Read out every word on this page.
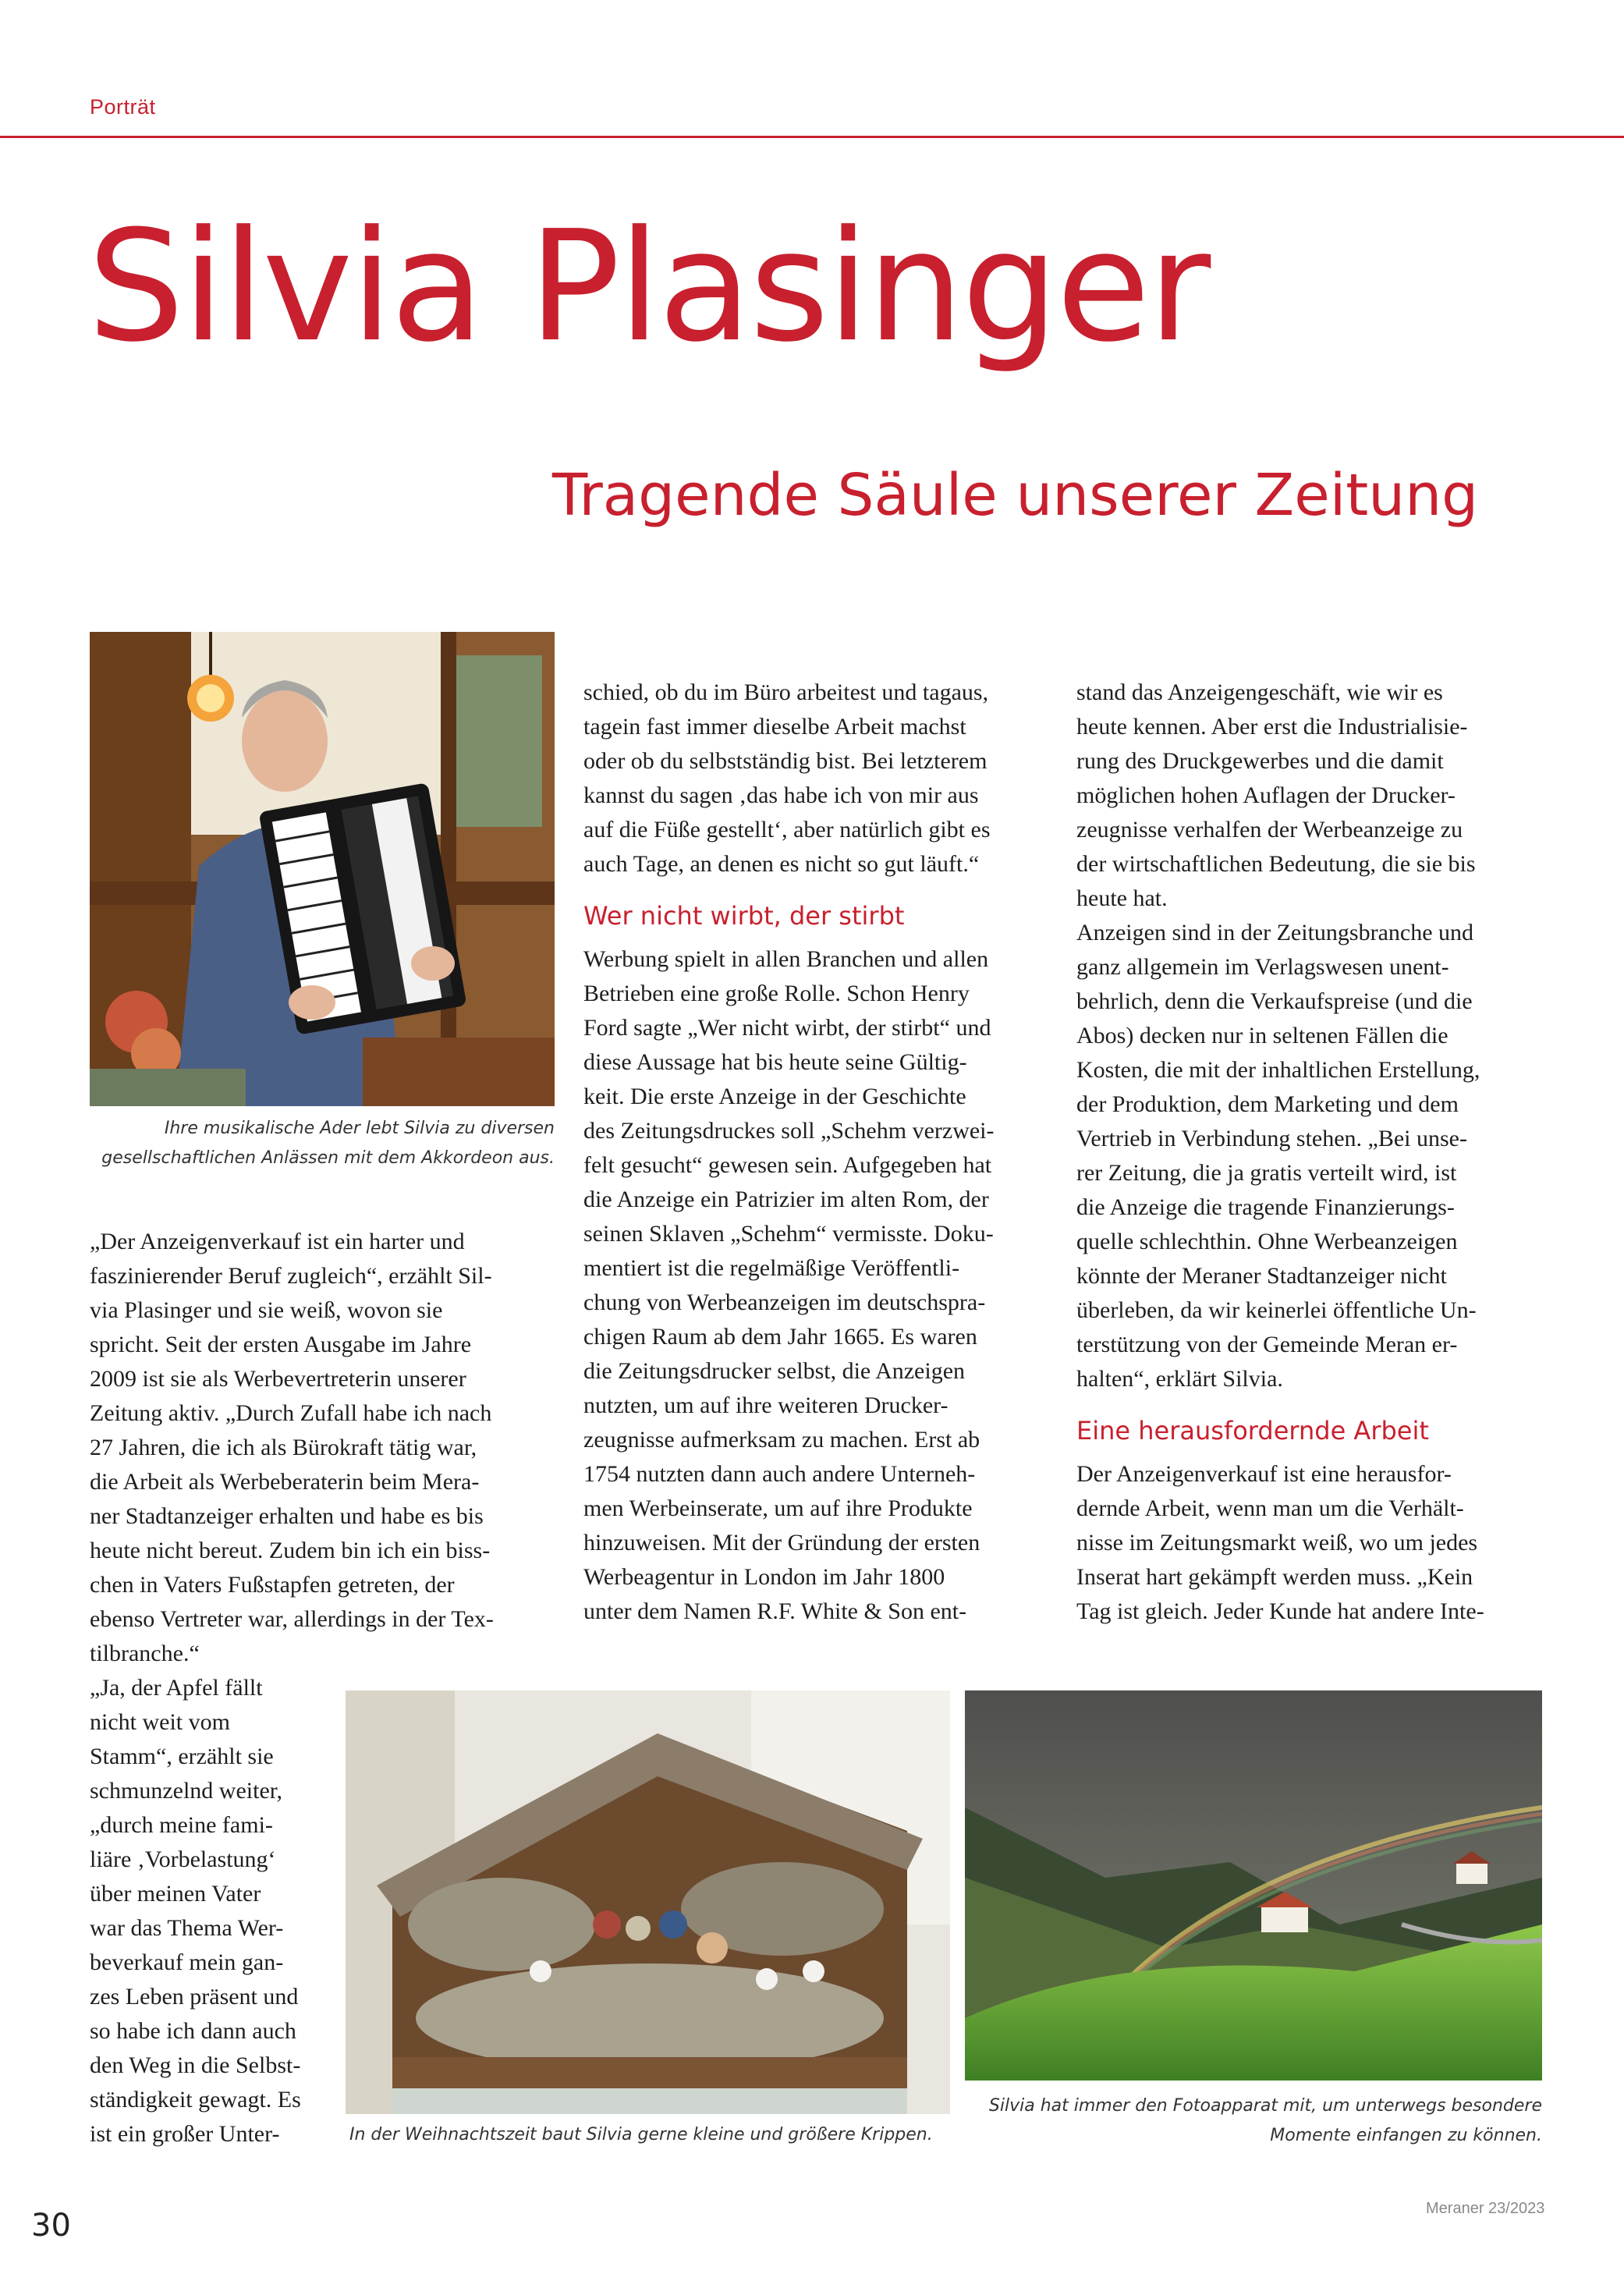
Porträt
Silvia Plasinger
Tragende Säule unserer Zeitung
Ihre musikalische Ader lebt Silvia zu diversen gesellschaftlichen Anlässen mit dem Akkordeon aus.

„Der Anzeigenverkauf ist ein harter und

faszinierender Beruf zugleich“, erzählt Sil-

via Plasinger und sie weiß, wovon sie

spricht. Seit der ersten Ausgabe im Jahre

2009 ist sie als Werbevertreterin unserer

Zeitung aktiv. „Durch Zufall habe ich nach

27 Jahren, die ich als Bürokraft tätig war,

die Arbeit als Werbeberaterin beim Mera-

ner Stadtanzeiger erhalten und habe es bis

heute nicht bereut. Zudem bin ich ein biss-

chen in Vaters Fußstapfen getreten, der

ebenso Vertreter war, allerdings in der Tex-

tilbranche.“

„Ja, der Apfel fällt

nicht weit vom

Stamm“, erzählt sie

schmunzelnd weiter,

„durch meine fami-

liäre ‚Vorbelastung‘

über meinen Vater

war das Thema Wer-

beverkauf mein gan-

zes Leben präsent und

so habe ich dann auch

den Weg in die Selbst-

ständigkeit gewagt. Es

ist ein großer Unter-

schied, ob du im Büro arbeitest und tagaus,

tagein fast immer dieselbe Arbeit machst

oder ob du selbstständig bist. Bei letzterem

kannst du sagen ‚das habe ich von mir aus

auf die Füße gestellt‘, aber natürlich gibt es

auch Tage, an denen es nicht so gut läuft.“

Wer nicht wirbt, der stirbt

Werbung spielt in allen Branchen und allen

Betrieben eine große Rolle. Schon Henry

Ford sagte „Wer nicht wirbt, der stirbt“ und

diese Aussage hat bis heute seine Gültig-

keit. Die erste Anzeige in der Geschichte

des Zeitungsdruckes soll „Schehm verzwei-

felt gesucht“ gewesen sein. Aufgegeben hat

die Anzeige ein Patrizier im alten Rom, der

seinen Sklaven „Schehm“ vermisste. Doku-

mentiert ist die regelmäßige Veröffentli-

chung von Werbeanzeigen im deutschspra-

chigen Raum ab dem Jahr 1665. Es waren

die Zeitungsdrucker selbst, die Anzeigen

nutzten, um auf ihre weiteren Drucker-

zeugnisse aufmerksam zu machen. Erst ab

1754 nutzten dann auch andere Unterneh-

men Werbeinserate, um auf ihre Produkte

hinzuweisen. Mit der Gründung der ersten

Werbeagentur in London im Jahr 1800

unter dem Namen R.F. White & Son ent-

stand das Anzeigengeschäft, wie wir es

heute kennen. Aber erst die Industrialisie-

rung des Druckgewerbes und die damit

möglichen hohen Auflagen der Drucker-

zeugnisse verhalfen der Werbeanzeige zu

der wirtschaftlichen Bedeutung, die sie bis

heute hat.

Anzeigen sind in der Zeitungsbranche und

ganz allgemein im Verlagswesen unent-

behrlich, denn die Verkaufspreise (und die

Abos) decken nur in seltenen Fällen die

Kosten, die mit der inhaltlichen Erstellung,

der Produktion, dem Marketing und dem

Vertrieb in Verbindung stehen. „Bei unse-

rer Zeitung, die ja gratis verteilt wird, ist

die Anzeige die tragende Finanzierungs-

quelle schlechthin. Ohne Werbeanzeigen

könnte der Meraner Stadtanzeiger nicht

überleben, da wir keinerlei öffentliche Un-

terstützung von der Gemeinde Meran er-

halten“, erklärt Silvia.

Eine herausfordernde Arbeit

Der Anzeigenverkauf ist eine herausfor-

dernde Arbeit, wenn man um die Verhält-

nisse im Zeitungsmarkt weiß, wo um jedes

Inserat hart gekämpft werden muss. „Kein

Tag ist gleich. Jeder Kunde hat andere Inte-

In der Weihnachtszeit baut Silvia gerne kleine und größere Krippen.
Silvia hat immer den Fotoapparat mit, um unterwegs besondere
Momente einfangen zu können.
30	Meraner 23/2023
